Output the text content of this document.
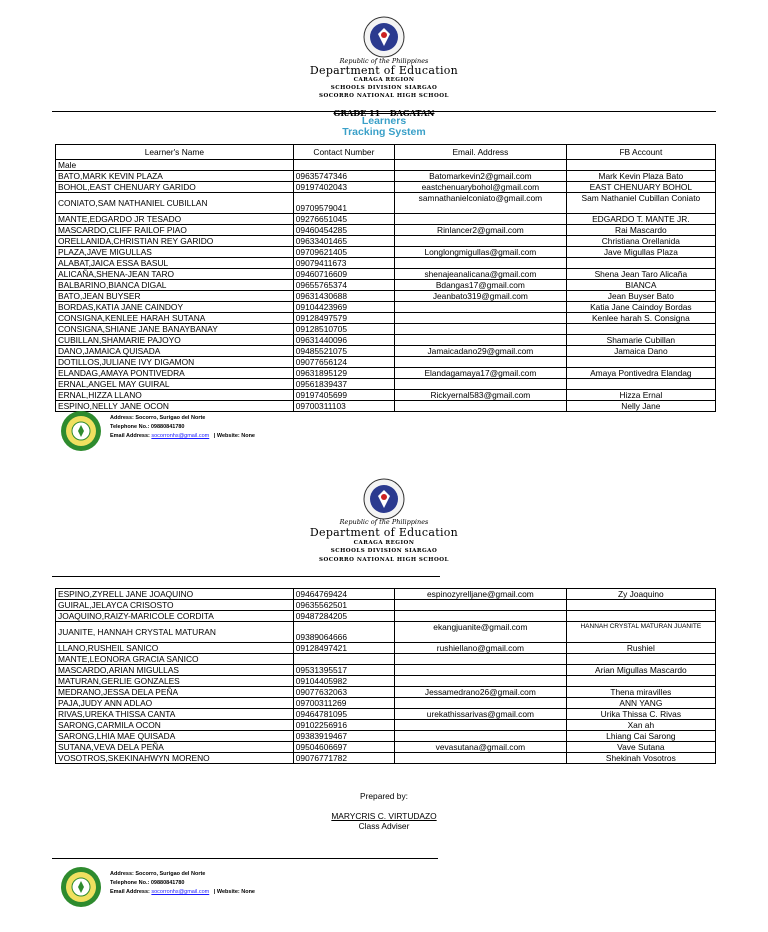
Republic of the Philippines
Department of Education
CARAGA REGION
SCHOOLS DIVISION SIARGAO
SOCORRO NATIONAL HIGH SCHOOL
GRADE 11 – DAGATAN
Learners
Tracking System
Learner's Name	Contact Number	Email. Address	FB Account
Male			
BATO,MARK KEVIN PLAZA	09635747346	Batomarkevin2@gmail.com	Mark Kevin Plaza Bato
BOHOL,EAST CHENUARY GARIDO	09197402043	eastchenuarybohol@gmail.com	EAST CHENUARY BOHOL
CONIATO,SAM NATHANIEL CUBILLAN	09709579041	samnathanielconiato@gmail.com	Sam Nathaniel Cubillan Coniato
MANTE,EDGARDO JR TESADO	09276651045		EDGARDO T. MANTE JR.
MASCARDO,CLIFF RAILOF PIAO	09460454285	Rinlancer2@gmail.com	Rai Mascardo
ORELLANIDA,CHRISTIAN REY GARIDO	09633401465		Christiana Orellanida
PLAZA,JAVE MIGULLAS	09709621405	Longlongmigullas@gmail.com	Jave Migullas Plaza
ALABAT,JAICA ESSA BASUL	09079411673		
ALICAÑA,SHENA-JEAN TARO	09460716609	shenajeanalicana@gmail.com	Shena Jean Taro Alicaña
BALBARINO,BIANCA DIGAL	09655765374	Bdangas17@gmail.com	BIANCA
BATO,JEAN BUYSER	09631430688	Jeanbato319@gmail.com	Jean Buyser Bato
BORDAS,KATIA JANE CAINDOY	09104423969		Katia Jane Caindoy Bordas
CONSIGNA,KENLEE HARAH SUTANA	09128497579		Kenlee harah S. Consigna
CONSIGNA,SHIANE JANE BANAYBANAY	09128510705		
CUBILLAN,SHAMARIE PAJOYO	09631440096		Shamarie Cubillan
DANO,JAMAICA QUISADA	09485521075	Jamaicadano29@gmail.com	Jamaica Dano
DOTILLOS,JULIANE IVY DIGAMON	09077656124		
ELANDAG,AMAYA PONTIVEDRA	09631895129	Elandagamaya17@gmail.com	Amaya Pontivedra Elandag
ERNAL,ANGEL MAY GUIRAL	09561839437		
ERNAL,HIZZA LLANO	09197405699	Rickyernal583@gmail.com	Hizza Ernal
ESPINO,NELLY JANE OCON	09700311103		Nelly Jane
Address: Socorro, Surigao del Norte
Telephone No.: 09880841780
Email Address: socorronhs@gmail.com | Website: None
Republic of the Philippines
Department of Education
CARAGA REGION
SCHOOLS DIVISION SIARGAO
SOCORRO NATIONAL HIGH SCHOOL
ESPINO,ZYRELL JANE JOAQUINO	09464769424	espinozyrelljane@gmail.com	Zy Joaquino
GUIRAL,JELAYCA CRISOSTO	09635562501		
JOAQUINO,RAIZY-MARICOLE CORDITA	09487284205		
JUANITE, HANNAH CRYSTAL MATURAN	09389064666	ekangjuanite@gmail.com	HANNAH CRYSTAL MATURAN JUANITE
LLANO,RUSHEIL SANICO	09128497421	rushiellano@gmail.com	Rushiel
MANTE,LEONORA GRACIA SANICO			
MASCARDO,ARIAN MIGULLAS	09531395517		Arian Migullas Mascardo
MATURAN,GERLIE GONZALES	09104405982		
MEDRANO,JESSA DELA PEÑA	09077632063	Jessamedrano26@gmail.com	Thena miravilles
PAJA,JUDY ANN ADLAO	09700311269		ANN YANG
RIVAS,UREKA THISSA CANTA	09464781095	urekathissarivas@gmail.com	Urika Thissa C. Rivas
SARONG,CARMILA OCON	09102256916		Xan ah
SARONG,LHIA MAE QUISADA	09383919467		Lhiang Cai Sarong
SUTANA,VEVA DELA PEÑA	09504606697	vevasutana@gmail.com	Vave Sutana
VOSOTROS,SKEKINAHWYN MORENO	09076771782		Shekinah Vosotros
Prepared by:
MARYCRIS C. VIRTUDAZO
Class Adviser
Address: Socorro, Surigao del Norte
Telephone No.: 09880841780
Email Address: socorronhs@gmail.com | Website: None
